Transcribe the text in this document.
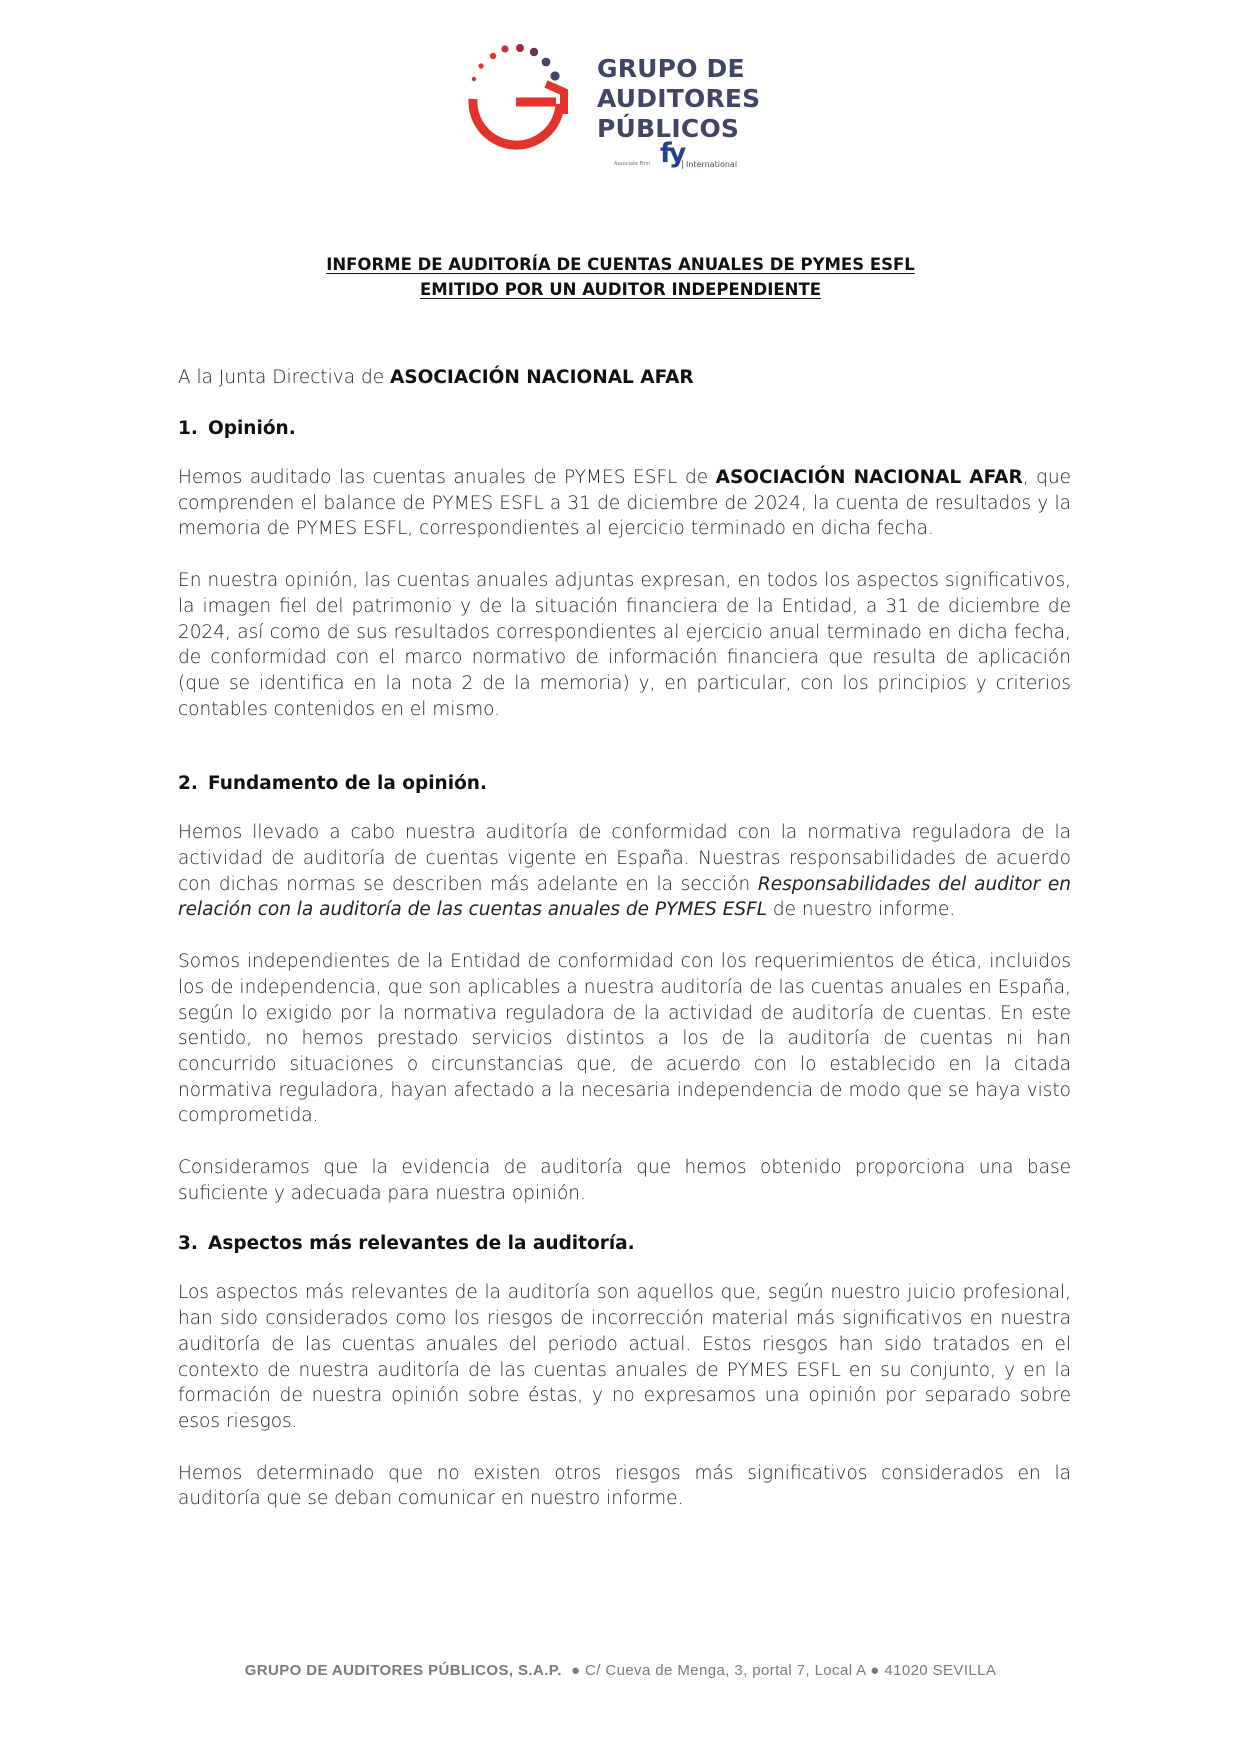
GRUPO DE
AUDITORES
PÚBLICOS
Associate Firm fy International
INFORME DE AUDITORÍA DE CUENTAS ANUALES DE PYMES ESFL
EMITIDO POR UN AUDITOR INDEPENDIENTE

A la Junta Directiva de ASOCIACIÓN NACIONAL AFAR

1. Opinión.

Hemos auditado las cuentas anuales de PYMES ESFL de ASOCIACIÓN NACIONAL AFAR, que comprenden el balance de PYMES ESFL a 31 de diciembre de 2024, la cuenta de resultados y la memoria de PYMES ESFL, correspondientes al ejercicio terminado en dicha fecha.

En nuestra opinión, las cuentas anuales adjuntas expresan, en todos los aspectos significativos, la imagen fiel del patrimonio y de la situación financiera de la Entidad, a 31 de diciembre de 2024, así como de sus resultados correspondientes al ejercicio anual terminado en dicha fecha, de conformidad con el marco normativo de información financiera que resulta de aplicación (que se identifica en la nota 2 de la memoria) y, en particular, con los principios y criterios contables contenidos en el mismo.

2. Fundamento de la opinión.

Hemos llevado a cabo nuestra auditoría de conformidad con la normativa reguladora de la actividad de auditoría de cuentas vigente en España. Nuestras responsabilidades de acuerdo con dichas normas se describen más adelante en la sección Responsabilidades del auditor en relación con la auditoría de las cuentas anuales de PYMES ESFL de nuestro informe.

Somos independientes de la Entidad de conformidad con los requerimientos de ética, incluidos los de independencia, que son aplicables a nuestra auditoría de las cuentas anuales en España, según lo exigido por la normativa reguladora de la actividad de auditoría de cuentas. En este sentido, no hemos prestado servicios distintos a los de la auditoría de cuentas ni han concurrido situaciones o circunstancias que, de acuerdo con lo establecido en la citada normativa reguladora, hayan afectado a la necesaria independencia de modo que se haya visto comprometida.

Consideramos que la evidencia de auditoría que hemos obtenido proporciona una base suficiente y adecuada para nuestra opinión.

3. Aspectos más relevantes de la auditoría.

Los aspectos más relevantes de la auditoría son aquellos que, según nuestro juicio profesional, han sido considerados como los riesgos de incorrección material más significativos en nuestra auditoría de las cuentas anuales del periodo actual. Estos riesgos han sido tratados en el contexto de nuestra auditoría de las cuentas anuales de PYMES ESFL en su conjunto, y en la formación de nuestra opinión sobre éstas, y no expresamos una opinión por separado sobre esos riesgos.

Hemos determinado que no existen otros riesgos más significativos considerados en la auditoría que se deban comunicar en nuestro informe.

GRUPO DE AUDITORES PÚBLICOS, S.A.P.  ● C/ Cueva de Menga, 3, portal 7, Local A ● 41020 SEVILLA
